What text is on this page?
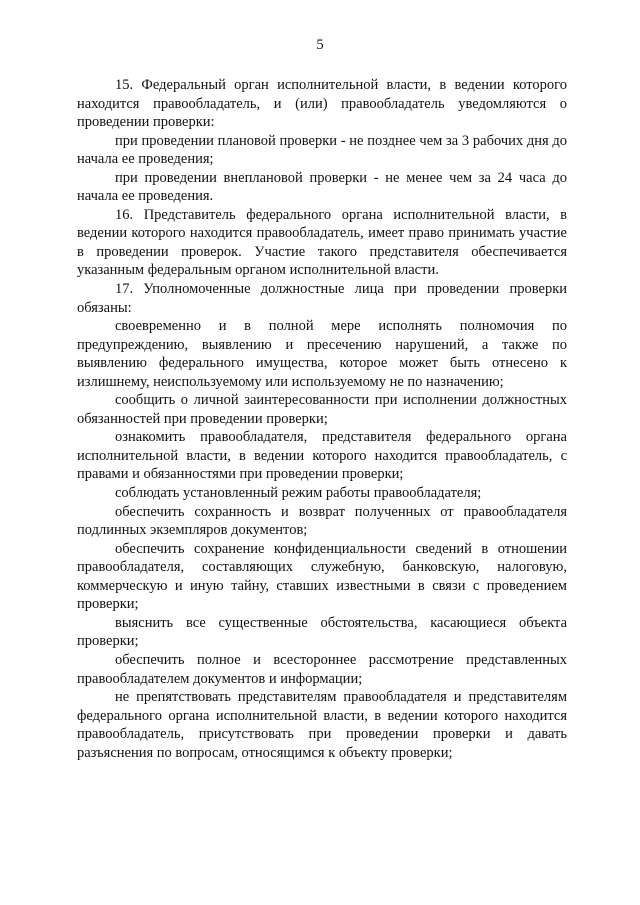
5

15. Федеральный орган исполнительной власти, в ведении которого находится правообладатель, и (или) правообладатель уведомляются о проведении проверки:

при проведении плановой проверки - не позднее чем за 3 рабочих дня до начала ее проведения;

при проведении внеплановой проверки - не менее чем за 24 часа до начала ее проведения.

16. Представитель федерального органа исполнительной власти, в ведении которого находится правообладатель, имеет право принимать участие в проведении проверок. Участие такого представителя обеспечивается указанным федеральным органом исполнительной власти.

17. Уполномоченные должностные лица при проведении проверки обязаны:

своевременно и в полной мере исполнять полномочия по предупреждению, выявлению и пресечению нарушений, а также по выявлению федерального имущества, которое может быть отнесено к излишнему, неиспользуемому или используемому не по назначению;

сообщить о личной заинтересованности при исполнении должностных обязанностей при проведении проверки;

ознакомить правообладателя, представителя федерального органа исполнительной власти, в ведении которого находится правообладатель, с правами и обязанностями при проведении проверки;

соблюдать установленный режим работы правообладателя;

обеспечить сохранность и возврат полученных от правообладателя подлинных экземпляров документов;

обеспечить сохранение конфиденциальности сведений в отношении правообладателя, составляющих служебную, банковскую, налоговую, коммерческую и иную тайну, ставших известными в связи с проведением проверки;

выяснить все существенные обстоятельства, касающиеся объекта проверки;

обеспечить полное и всестороннее рассмотрение представленных правообладателем документов и информации;

не препятствовать представителям правообладателя и представителям федерального органа исполнительной власти, в ведении которого находится правообладатель, присутствовать при проведении проверки и давать разъяснения по вопросам, относящимся к объекту проверки;
